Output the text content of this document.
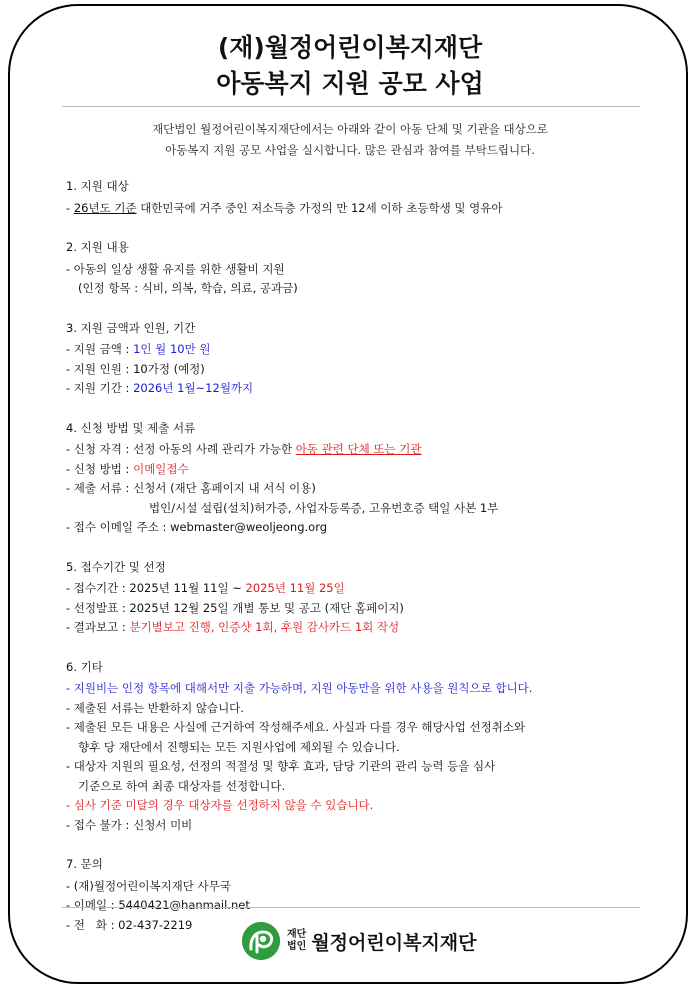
(재)월정어린이복지재단
아동복지 지원 공모 사업
재단법인 월정어린이복지재단에서는 아래와 같이 아동 단체 및 기관을 대상으로
아동복지 지원 공모 사업을 실시합니다. 많은 관심과 참여를 부탁드립니다.
1. 지원 대상
- 26년도 기준 대한민국에 거주 중인 저소득층 가정의 만 12세 이하 초등학생 및 영유아
2. 지원 내용
- 아동의 일상 생활 유지를 위한 생활비 지원
(인정 항목 : 식비, 의복, 학습, 의료, 공과금)
3. 지원 금액과 인원, 기간
- 지원 금액 : 1인 월 10만 원
- 지원 인원 : 10가정 (예정)
- 지원 기간 : 2026년 1월~12월까지
4. 신청 방법 및 제출 서류
- 신청 자격 : 선정 아동의 사례 관리가 가능한 아동 관련 단체 또는 기관
- 신청 방법 : 이메일접수
- 제출 서류 : 신청서 (재단 홈페이지 내 서식 이용)
법인/시설 설립(설치)허가증, 사업자등록증, 고유번호증 택일 사본 1부
- 접수 이메일 주소 : webmaster@weoljeong.org
5. 접수기간 및 선정
- 접수기간 : 2025년 11월 11일 ~ 2025년 11월 25일
- 선정발표 : 2025년 12월 25일 개별 통보 및 공고 (재단 홈페이지)
- 결과보고 : 분기별보고 진행, 인증샷 1회, 후원 감사카드 1회 작성
6. 기타
- 지원비는 인정 항목에 대해서만 지출 가능하며, 지원 아동만을 위한 사용을 원칙으로 합니다.
- 제출된 서류는 반환하지 않습니다.
- 제출된 모든 내용은 사실에 근거하여 작성해주세요. 사실과 다를 경우 해당사업 선정취소와
향후 당 재단에서 진행되는 모든 지원사업에 제외될 수 있습니다.
- 대상자 지원의 필요성, 선정의 적절성 및 향후 효과, 담당 기관의 관리 능력 등을 심사
기준으로 하여 최종 대상자를 선정합니다.
- 심사 기준 미달의 경우 대상자를 선정하지 않을 수 있습니다.
- 접수 불가 : 신청서 미비
7. 문의
- (재)월정어린이복지재단 사무국
- 이메일 : 5440421@hanmail.net
- 전   화 : 02-437-2219
재단
법인 월정어린이복지재단
